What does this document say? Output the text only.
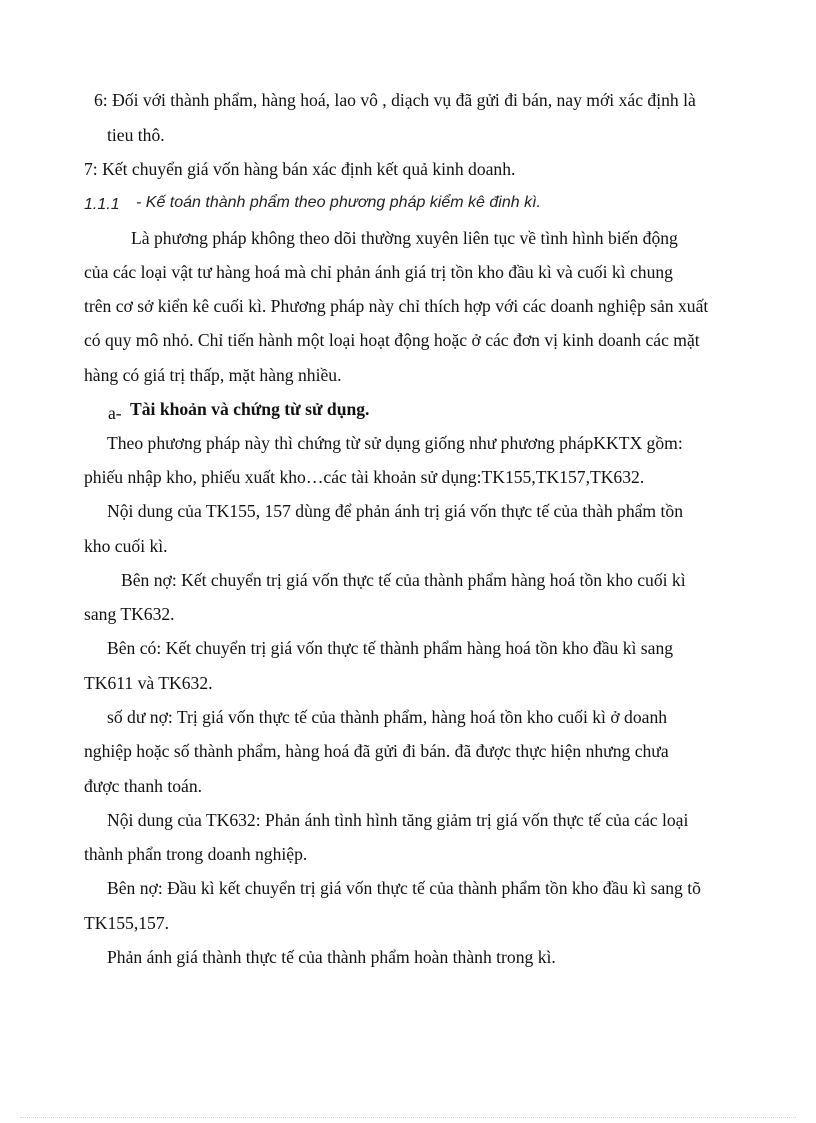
6: Đối với thành phẩm, hàng hoá, lao vô , diạch vụ đã gửi đi bán, nay mới xác định là
tieu thô.
7: Kết chuyển giá vốn hàng bán xác định kết quả kinh doanh.
1.1.1 - Kế toán thành phẩm theo phương pháp kiểm kê đinh kì.
Là phương pháp không theo dõi thường xuyên liên tục về tình hình biến động
của các loại vật tư hàng hoá mà chỉ phản ánh giá trị tồn kho đầu kì và cuối kì chung
trên cơ sở kiển kê cuối kì. Phương pháp này chỉ thích hợp với các doanh nghiệp sản xuất
có quy mô nhỏ. Chỉ tiến hành một loại hoạt động hoặc ở các đơn vị kinh doanh các mặt
hàng có giá trị thấp, mặt hàng nhiều.
a- Tài khoản và chứng từ sử dụng.
Theo phương pháp này thì chứng từ sử dụng giống như phương phápKKTX gồm:
phiếu nhập kho, phiếu xuất kho…các tài khoản sử dụng:TK155,TK157,TK632.
Nội dung của TK155, 157 dùng để phản ánh trị giá vốn thực tế của thàh phẩm tồn
kho cuối kì.
Bên nợ: Kết chuyển trị giá vốn thực tế của thành phẩm hàng hoá tồn kho cuối kì
sang TK632.
Bên có: Kết chuyển trị giá vốn thực tế thành phẩm hàng hoá tồn kho đầu kì sang
TK611 và TK632.
số dư nợ: Trị giá vốn thực tế của thành phẩm, hàng hoá tồn kho cuối kì ở doanh
nghiệp hoặc số thành phẩm, hàng hoá đã gửi đi bán. đã được thực hiện nhưng chưa
được thanh toán.
Nội dung của TK632: Phản ánh tình hình tăng giảm trị giá vốn thực tế của các loại
thành phẩn trong doanh nghiệp.
Bên nợ: Đầu kì kết chuyển trị giá vốn thực tế của thành phẩm tồn kho đầu kì sang tõ
TK155,157.
Phản ánh giá thành thực tế của thành phẩm hoàn thành trong kì.
